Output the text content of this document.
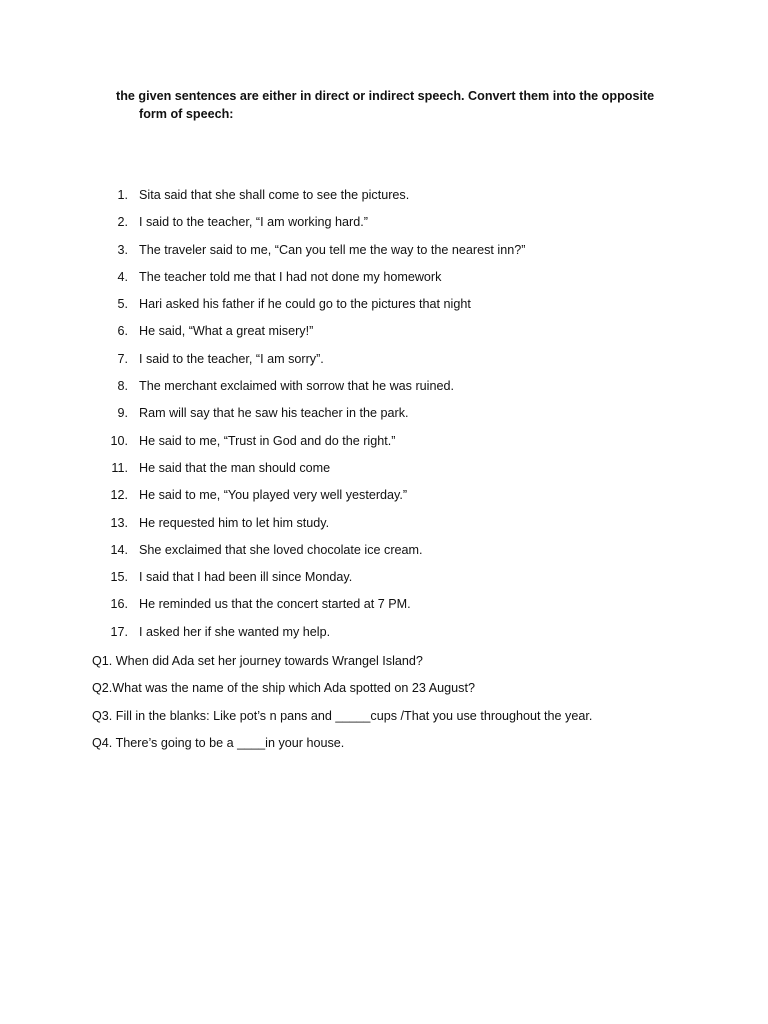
the given sentences are either in direct or indirect speech. Convert them into the opposite
form of speech:
1. Sita said that she shall come to see the pictures.
2. I said to the teacher, “I am working hard.”
3. The traveler said to me, “Can you tell me the way to the nearest inn?”
4. The teacher told me that I had not done my homework
5. Hari asked his father if he could go to the pictures that night
6. He said, “What a great misery!”
7. I said to the teacher, “I am sorry”.
8. The merchant exclaimed with sorrow that he was ruined.
9. Ram will say that he saw his teacher in the park.
10. He said to me, “Trust in God and do the right.”
11. He said that the man should come
12. He said to me, “You played very well yesterday.”
13. He requested him to let him study.
14. She exclaimed that she loved chocolate ice cream.
15. I said that I had been ill since Monday.
16. He reminded us that the concert started at 7 PM.
17. I asked her if she wanted my help.
Q1. When did Ada set her journey towards Wrangel Island?
Q2.What was the name of the ship which Ada spotted on 23 August?
Q3. Fill in the blanks: Like pot’s n pans and _____cups /That you use throughout the year.
Q4. There’s going to be a ____in your house.
